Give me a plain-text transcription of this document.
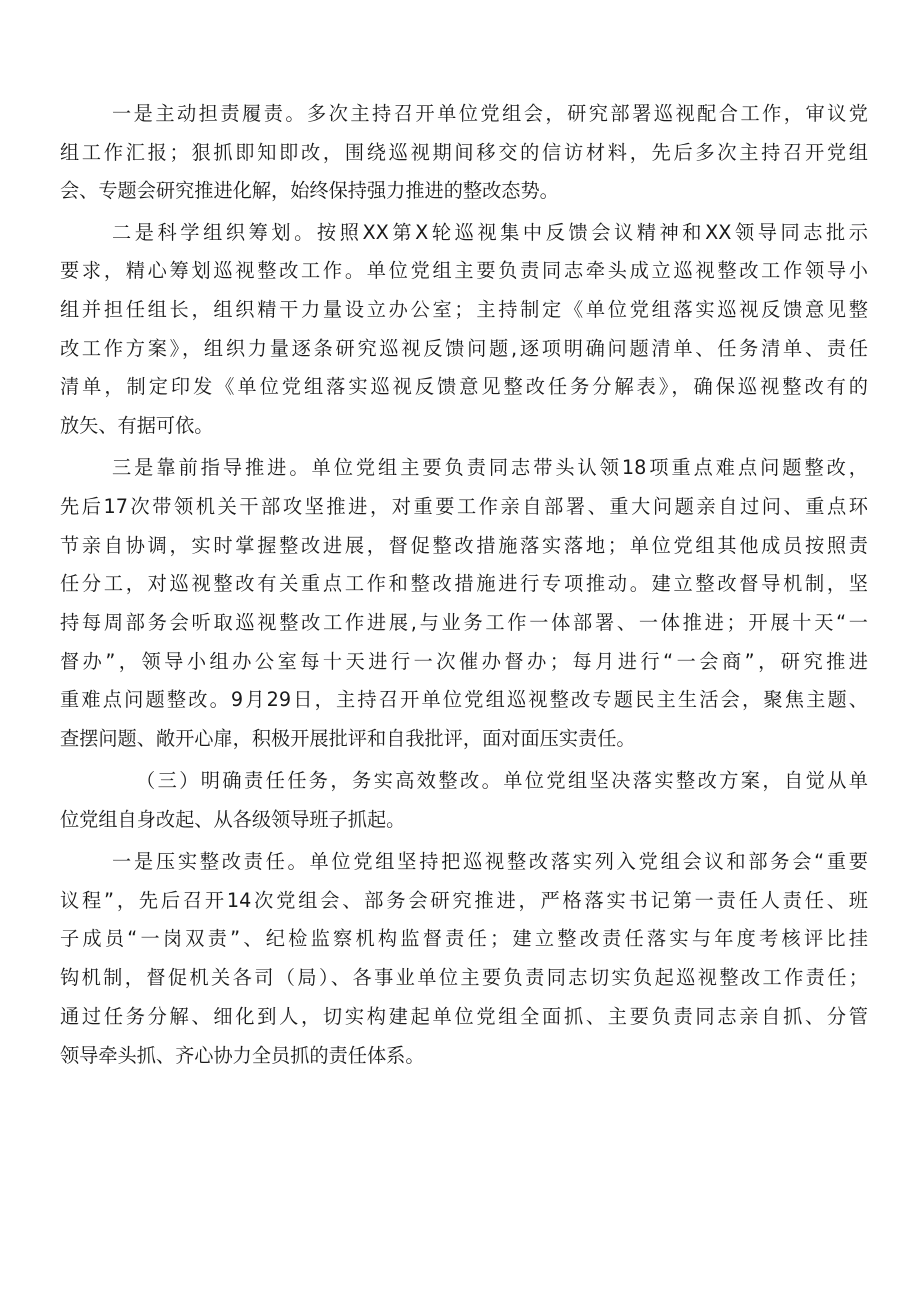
一是主动担责履责。多次主持召开单位党组会，研究部署巡视配合工作，审议党
组工作汇报；狠抓即知即改，围绕巡视期间移交的信访材料，先后多次主持召开党组
会、专题会研究推进化解，始终保持强力推进的整改态势。
二是科学组织筹划。按照XX第X轮巡视集中反馈会议精神和XX领导同志批示
要求，精心筹划巡视整改工作。单位党组主要负责同志牵头成立巡视整改工作领导小
组并担任组长，组织精干力量设立办公室；主持制定《单位党组落实巡视反馈意见整
改工作方案》，组织力量逐条研究巡视反馈问题,逐项明确问题清单、任务清单、责任
清单，制定印发《单位党组落实巡视反馈意见整改任务分解表》，确保巡视整改有的
放矢、有据可依。
三是靠前指导推进。单位党组主要负责同志带头认领18项重点难点问题整改，
先后17次带领机关干部攻坚推进，对重要工作亲自部署、重大问题亲自过问、重点环
节亲自协调，实时掌握整改进展，督促整改措施落实落地；单位党组其他成员按照责
任分工，对巡视整改有关重点工作和整改措施进行专项推动。建立整改督导机制，坚
持每周部务会听取巡视整改工作进展,与业务工作一体部署、一体推进；开展十天“一
督办”，领导小组办公室每十天进行一次催办督办；每月进行“一会商”，研究推进
重难点问题整改。9月29日，主持召开单位党组巡视整改专题民主生活会，聚焦主题、
查摆问题、敞开心扉，积极开展批评和自我批评，面对面压实责任。
（三）明确责任任务，务实高效整改。单位党组坚决落实整改方案，自觉从单
位党组自身改起、从各级领导班子抓起。
一是压实整改责任。单位党组坚持把巡视整改落实列入党组会议和部务会“重要
议程”，先后召开14次党组会、部务会研究推进，严格落实书记第一责任人责任、班
子成员“一岗双责”、纪检监察机构监督责任；建立整改责任落实与年度考核评比挂
钩机制，督促机关各司（局）、各事业单位主要负责同志切实负起巡视整改工作责任；
通过任务分解、细化到人，切实构建起单位党组全面抓、主要负责同志亲自抓、分管
领导牵头抓、齐心协力全员抓的责任体系。
